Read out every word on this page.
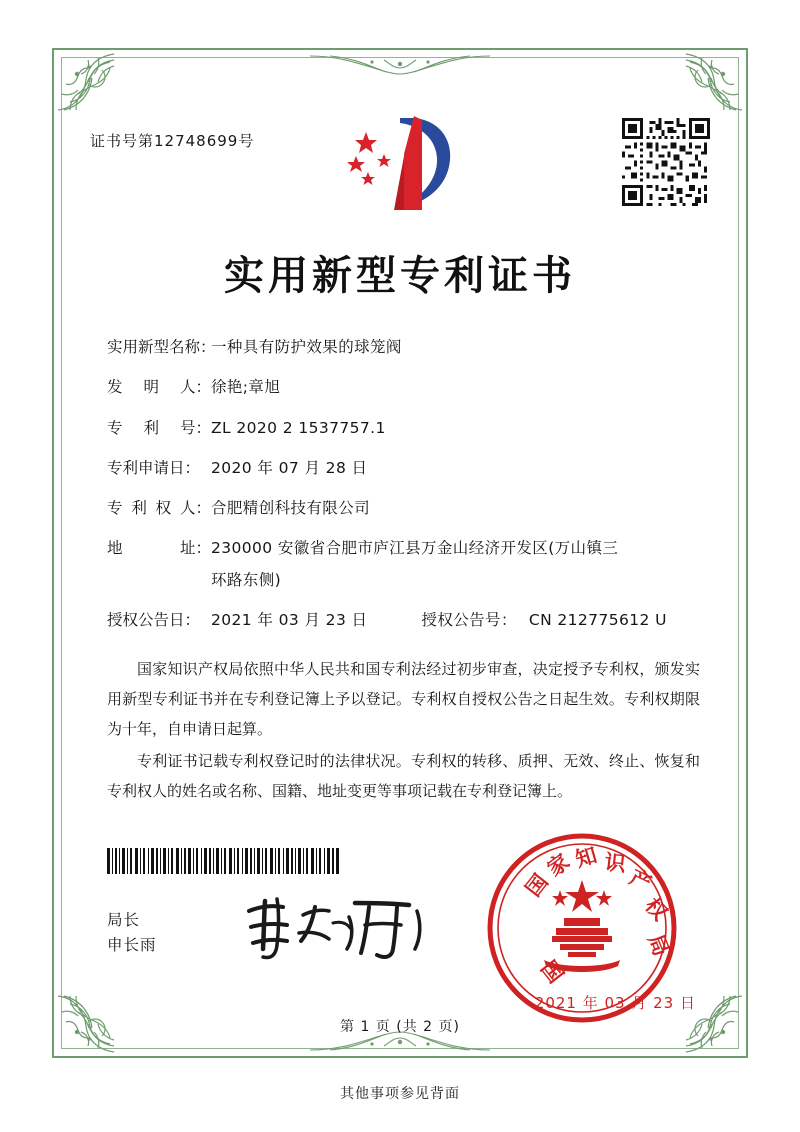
证书号第12748699号
实用新型专利证书
实用新型名称：
一种具有防护效果的球笼阀
发 明 人： 徐艳;章旭
专 利 号： ZL 2020 2 1537757.1
专利申请日： 2020 年 07 月 28 日
专 利 权 人： 合肥精创科技有限公司
地	址： 230000 安徽省合肥市庐江县万金山经济开发区(万山镇三
环路东侧)
授权公告日： 2021 年 03 月 23 日	授权公告号： CN 212775612 U

国家知识产权局依照中华人民共和国专利法经过初步审查，决定授予专利权，颁发实用新型专利证书并在专利登记簿上予以登记。专利权自授权公告之日起生效。专利权期限为十年，自申请日起算。

专利证书记载专利权登记时的法律状况。专利权的转移、质押、无效、终止、恢复和专利权人的姓名或名称、国籍、地址变更等事项记载在专利登记簿上。

局长
申长雨
国
家
知 识
产
权
局
国
2021 年 03 月 23 日
第 1 页 (共 2 页)
其他事项参见背面
